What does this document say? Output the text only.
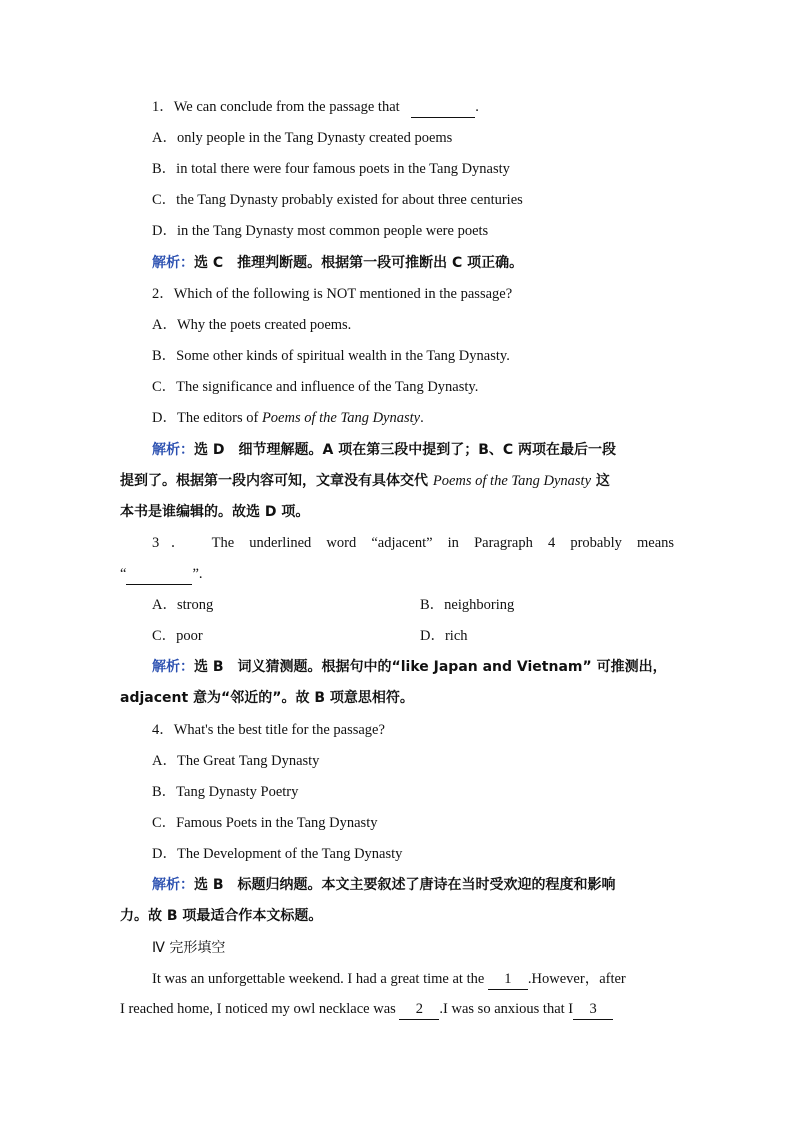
1．We can conclude from the passage that	.
A．only people in the Tang Dynasty created poems
B．in total there were four famous poets in the Tang Dynasty
C．the Tang Dynasty probably existed for about three centuries
D．in the Tang Dynasty most common people were poets
解析：选 C　推理判断题。根据第一段可推断出 C 项正确。
2．Which of the following is NOT mentioned in the passage?
A．Why the poets created poems.
B．Some other kinds of spiritual wealth in the Tang Dynasty.
C．The significance and influence of the Tang Dynasty.
D．The editors of Poems of the Tang Dynasty.
解析：选 D　细节理解题。A 项在第三段中提到了；B、C 两项在最后一段
提到了。根据第一段内容可知，文章没有具体交代 Poems of the Tang Dynasty 这
本书是谁编辑的。故选 D 项。
3． The underlined word “adjacent” in Paragraph 4 probably means
“	”.
A．strong	B．neighboring
C．poor	D．rich
解析：选 B　词义猜测题。根据句中的“like Japan and Vietnam” 可推测出，
adjacent 意为“邻近的”。故 B 项意思相符。
4．What's the best title for the passage?
A．The Great Tang Dynasty
B．Tang Dynasty Poetry
C．Famous Poets in the Tang Dynasty
D．The Development of the Tang Dynasty
解析：选 B　标题归纳题。本文主要叙述了唐诗在当时受欢迎的程度和影响
力。故 B 项最适合作本文标题。
Ⅳ 完形填空
It was an unforgettable weekend. I had a great time at the 1 .However，after
I reached home, I noticed my owl necklace was 2 .I was so anxious that I 3
